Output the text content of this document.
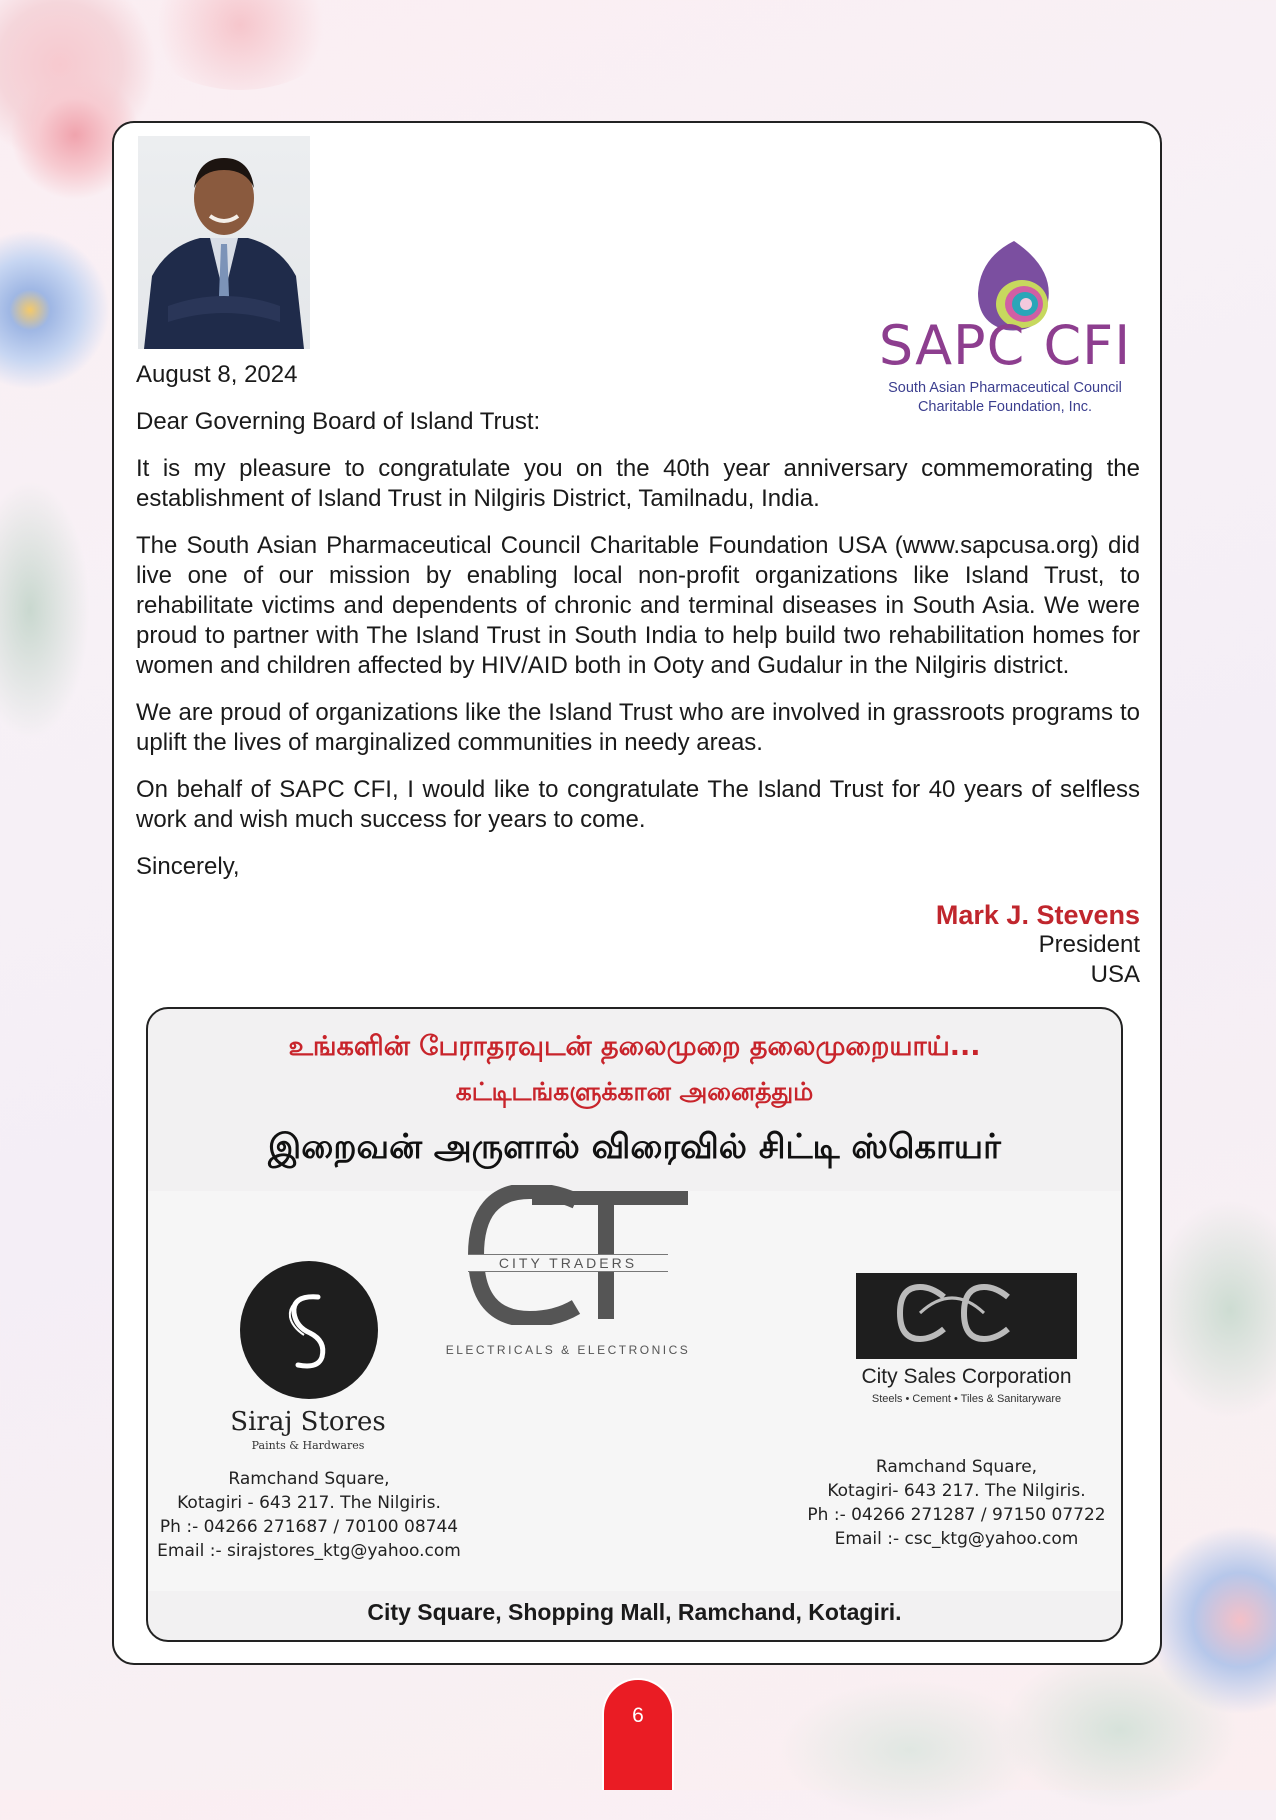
SAPC CFI
South Asian Pharmaceutical Council
Charitable Foundation, Inc.

August 8, 2024

Dear Governing Board of Island Trust:

It is my pleasure to congratulate you on the 40th year anniversary commemorating the establishment of Island Trust in Nilgiris District, Tamilnadu, India.

The South Asian Pharmaceutical Council Charitable Foundation USA (www.sapcusa.org) did live one of our mission by enabling local non-profit organizations like Island Trust, to rehabilitate victims and dependents of chronic and terminal diseases in South Asia. We were proud to partner with The Island Trust in South India to help build two rehabilitation homes for women and children affected by HIV/AID both in Ooty and Gudalur in the Nilgiris district.

We are proud of organizations like the Island Trust who are involved in grassroots programs to uplift the lives of marginalized communities in needy areas.

On behalf of SAPC CFI, I would like to congratulate The Island Trust for 40 years of selfless work and wish much success for years to come.

Sincerely,

Mark J. Stevens
President
USA
உங்களின் பேராதரவுடன் தலைமுறை தலைமுறையாய்...
கட்டிடங்களுக்கான அனைத்தும்
இறைவன் அருளால் விரைவில் சிட்டி ஸ்கொயர்
Siraj Stores
Paints & Hardwares
Ramchand Square,
Kotagiri - 643 217. The Nilgiris.
Ph :- 04266 271687 / 70100 08744
Email :- sirajstores_ktg@yahoo.com
CITY TRADERS
ELECTRICALS & ELECTRONICS
City Sales Corporation
Steels • Cement • Tiles & Sanitaryware
Ramchand Square,
Kotagiri- 643 217. The Nilgiris.
Ph :- 04266 271287 / 97150 07722
Email :- csc_ktg@yahoo.com
City Square, Shopping Mall, Ramchand, Kotagiri.
6
